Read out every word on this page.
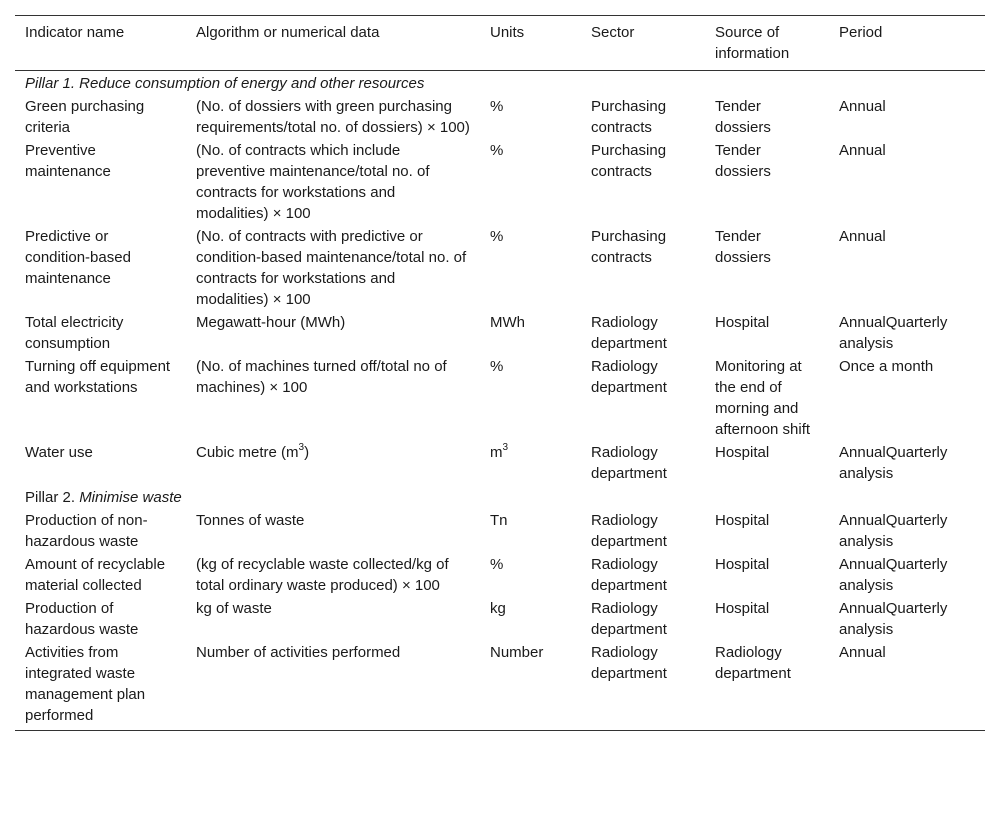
Indicator name	Algorithm or numerical data	Units	Sector	Source of information	Period
Pillar 1. Reduce consumption of energy and other resources					
Green purchasing criteria	(No. of dossiers with green purchasing requirements/total no. of dossiers) × 100)	%	Purchasing contracts	Tender dossiers	Annual
Preventive maintenance	(No. of contracts which include preventive maintenance/total no. of contracts for workstations and modalities) × 100	%	Purchasing contracts	Tender dossiers	Annual
Predictive or condition-based maintenance	(No. of contracts with predictive or condition-based maintenance/total no. of contracts for workstations and modalities) × 100	%	Purchasing contracts	Tender dossiers	Annual
Total electricity consumption	Megawatt-hour (MWh)	MWh	Radiology department	Hospital	AnnualQuarterly analysis
Turning off equipment and workstations	(No. of machines turned off/total no of machines) × 100	%	Radiology department	Monitoring at the end of morning and afternoon shift	Once a month
Water use	Cubic metre $(m^3)$	$m^3$	Radiology department	Hospital	AnnualQuarterly analysis
Pillar 2. Minimise waste					
Production of non-hazardous waste	Tonnes of waste	Tn	Radiology department	Hospital	AnnualQuarterly analysis
Amount of recyclable material collected	(kg of recyclable waste collected/kg of total ordinary waste produced) × 100	%	Radiology department	Hospital	AnnualQuarterly analysis
Production of hazardous waste	kg of waste	kg	Radiology department	Hospital	AnnualQuarterly analysis
Activities from integrated waste management plan performed	Number of activities performed	Number	Radiology department	Radiology department	Annual
